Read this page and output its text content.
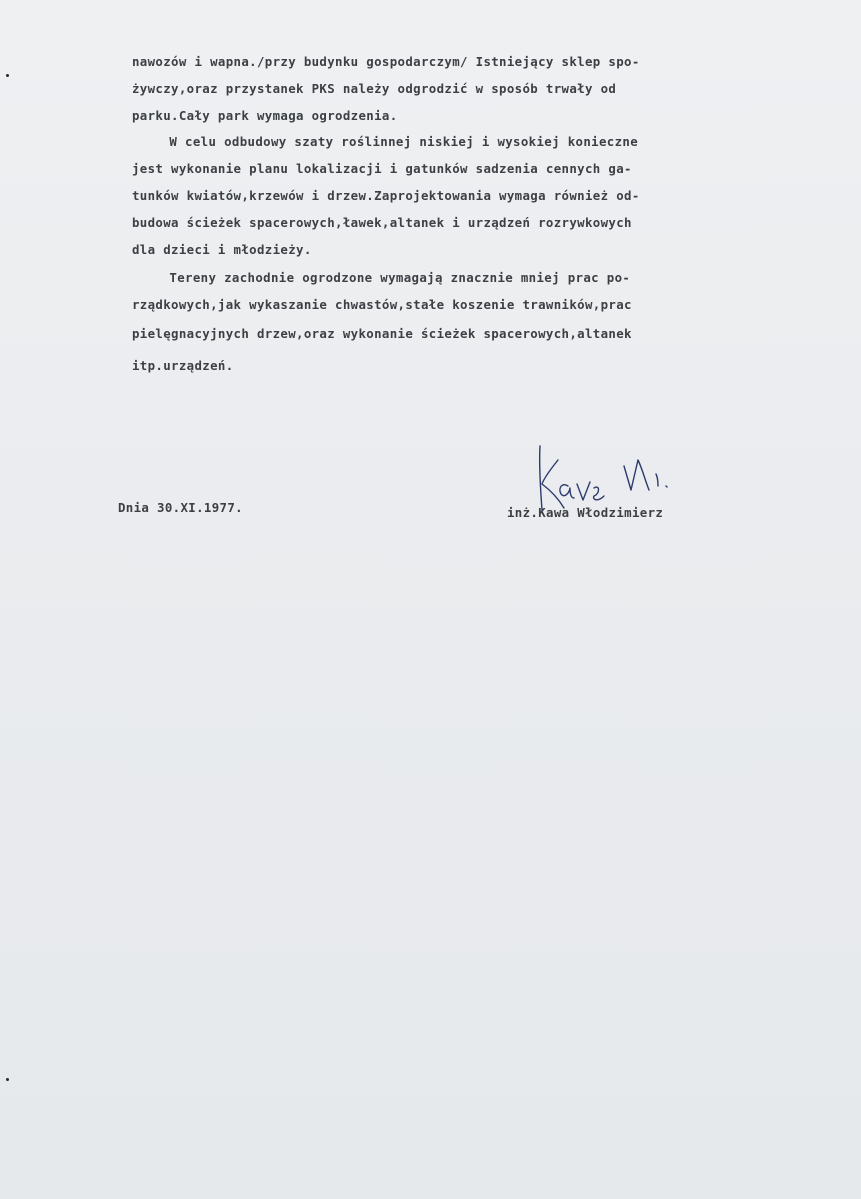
nawozów i wapna./przy budynku gospodarczym/ Istniejący sklep spo-

żywczy,oraz przystanek PKS należy odgrodzić w sposób trwały od

parku.Cały park wymaga ogrodzenia.

W celu odbudowy szaty roślinnej niskiej i wysokiej konieczne

jest wykonanie planu lokalizacji i gatunków sadzenia cennych ga-

tunków kwiatów,krzewów i drzew.Zaprojektowania wymaga również od-

budowa ścieżek spacerowych,ławek,altanek i urządzeń rozrywkowych

dla dzieci i młodzieży.

Tereny zachodnie ogrodzone wymagają znacznie mniej prac po-

rządkowych,jak wykaszanie chwastów,stałe koszenie trawników,prac

pielęgnacyjnych drzew,oraz wykonanie ścieżek spacerowych,altanek

itp.urządzeń.

Dnia 30.XI.1977.	inż.Kawa Włodzimierz
